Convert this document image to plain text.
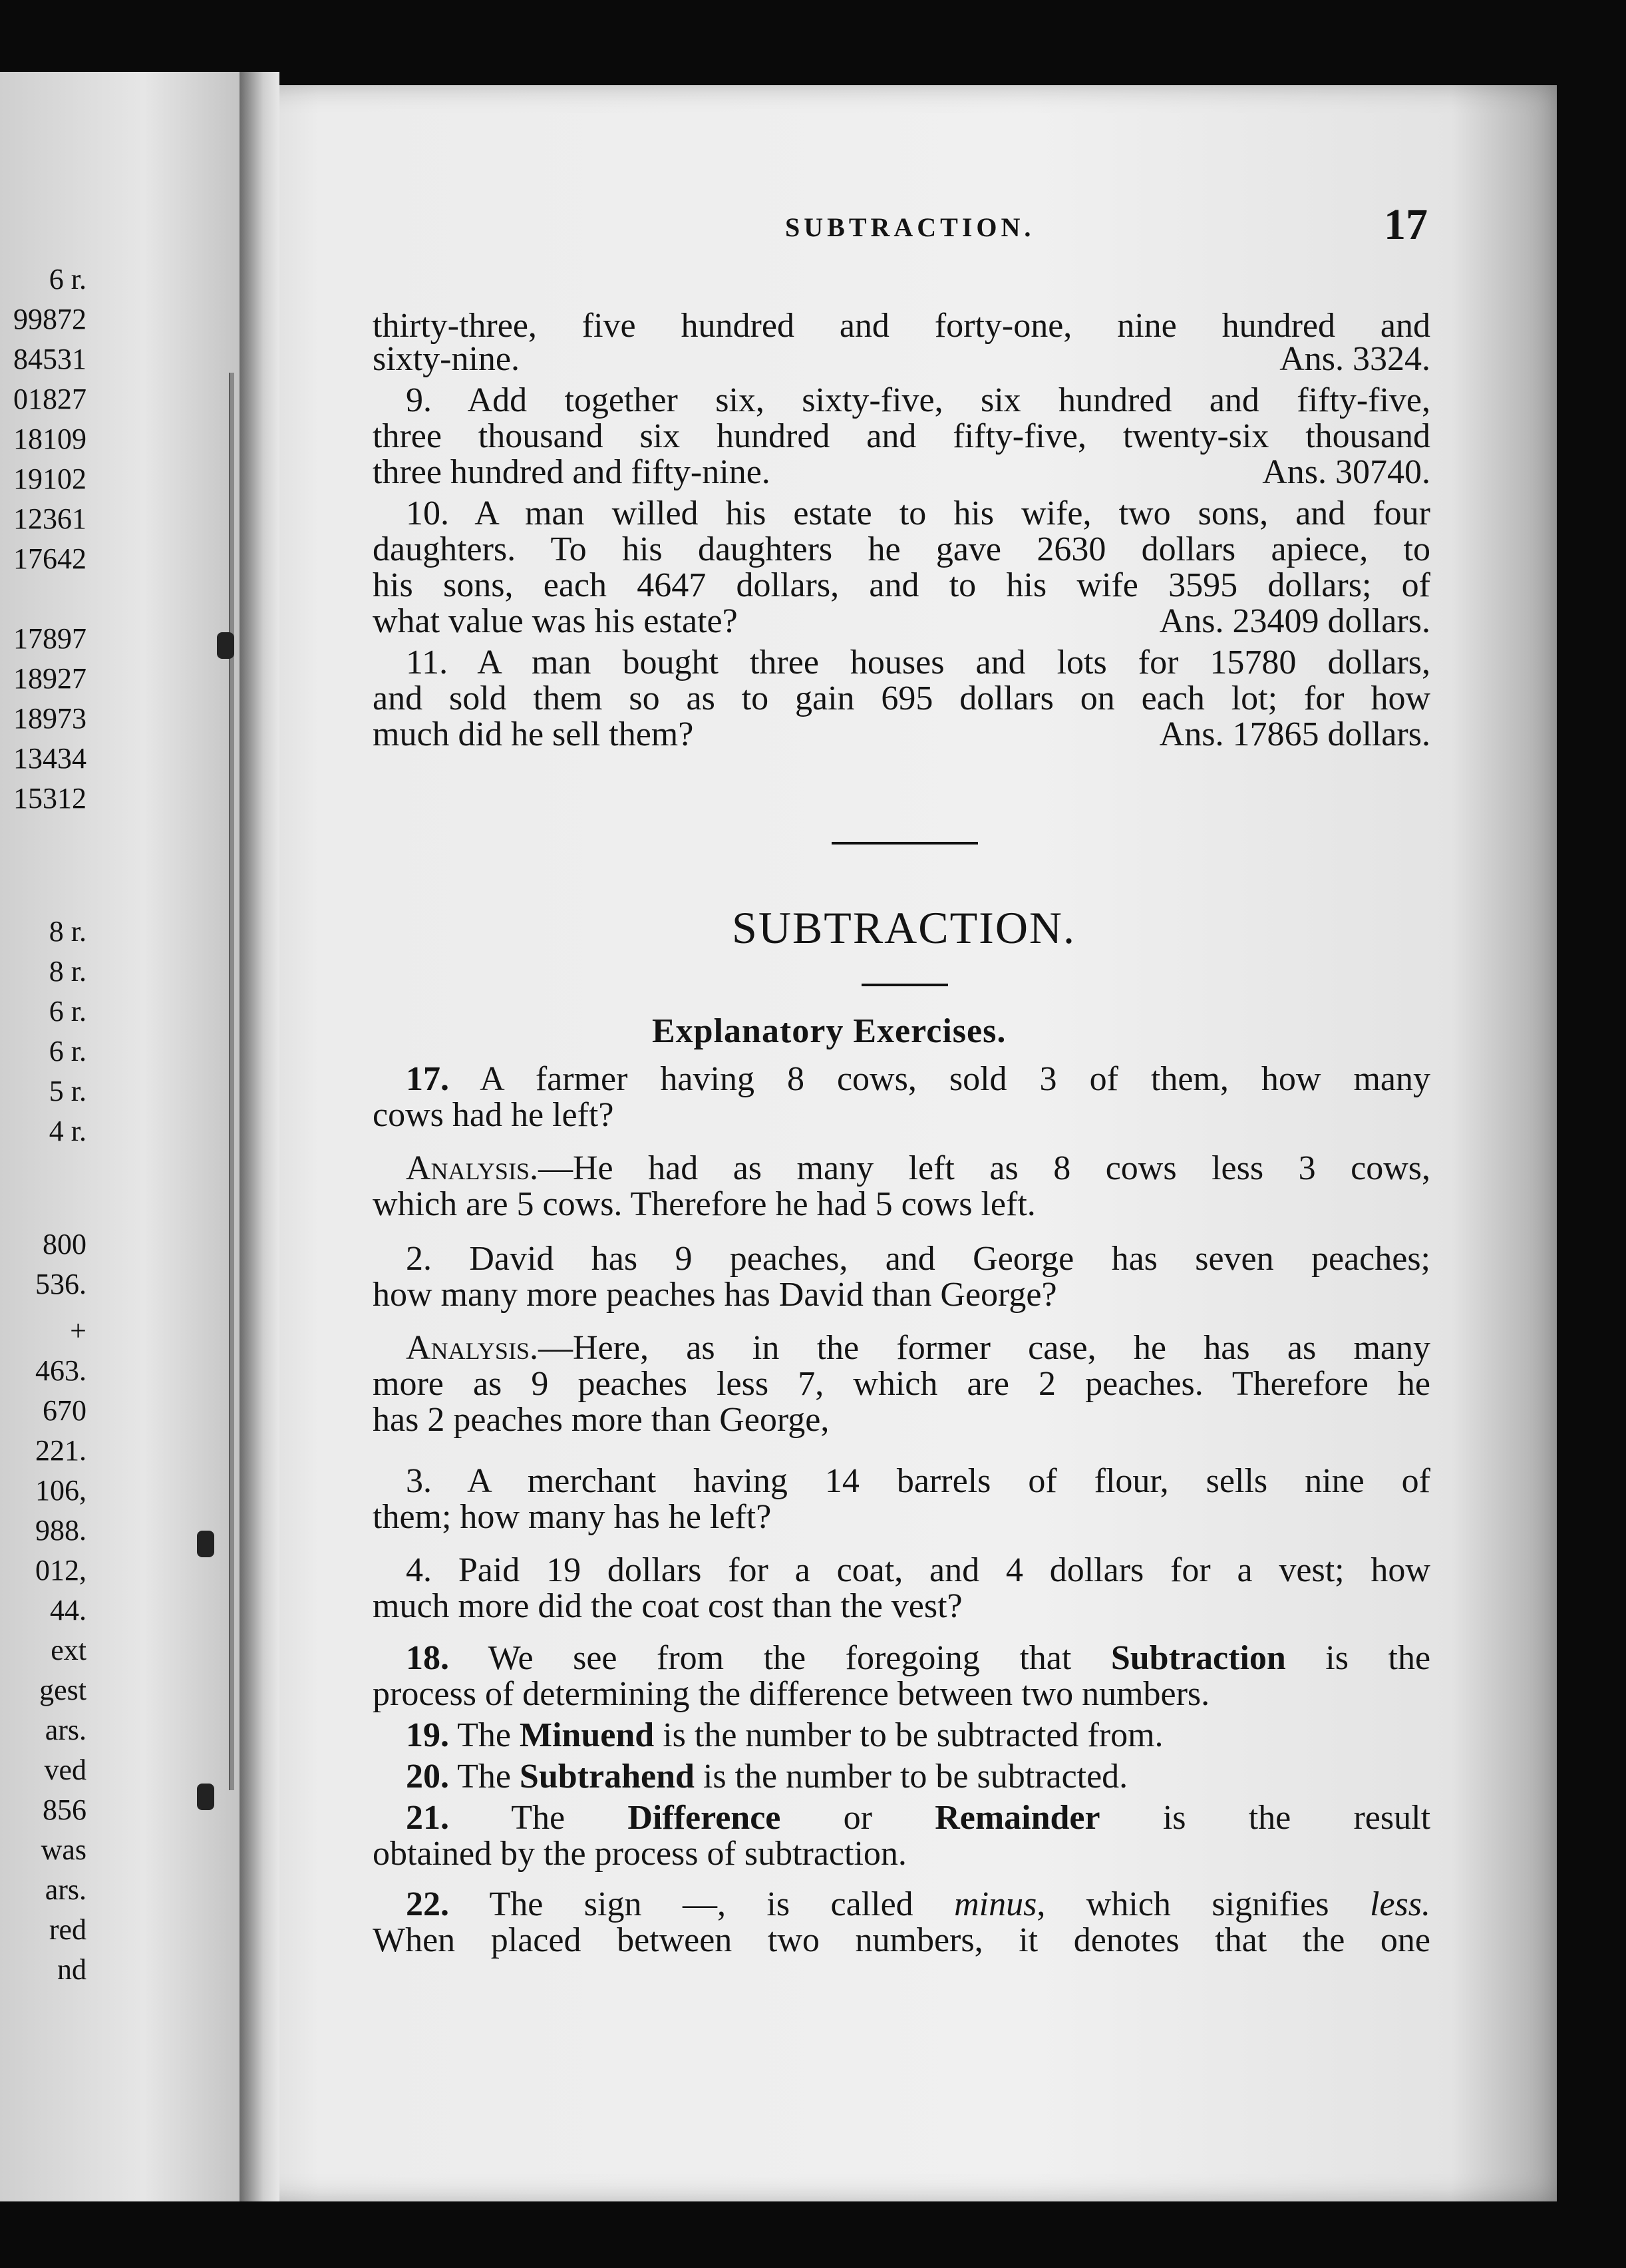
6 r.
99872
84531
01827
18109
19102
12361
17642
17897
18927
18973
13434
15312
8 r.
8 r.
6 r.
6 r.
5 r.
4 r.
800
536.
+
463.
670
221.
106,
988.
012,
44.
ext
gest
ars.
ved
856
was
ars.
red
nd
SUBTRACTION.	17
thirty-three, five hundred and forty-one, nine hundred and
sixty-nine.	Ans. 3324.
9. Add together six, sixty-five, six hundred and fifty-five,
three thousand six hundred and fifty-five, twenty-six thousand
three hundred and fifty-nine.	Ans. 30740.
10. A man willed his estate to his wife, two sons, and four
daughters. To his daughters he gave 2630 dollars apiece, to
his sons, each 4647 dollars, and to his wife 3595 dollars; of
what value was his estate?	Ans. 23409 dollars.
11. A man bought three houses and lots for 15780 dollars,
and sold them so as to gain 695 dollars on each lot; for how
much did he sell them?	Ans. 17865 dollars.
SUBTRACTION.
Explanatory Exercises.
17. A farmer having 8 cows, sold 3 of them, how many
cows had he left?
Analysis.—He had as many left as 8 cows less 3 cows,
which are 5 cows. Therefore he had 5 cows left.
2. David has 9 peaches, and George has seven peaches;
how many more peaches has David than George?
Analysis.—Here, as in the former case, he has as many
more as 9 peaches less 7, which are 2 peaches. Therefore he
has 2 peaches more than George,
3. A merchant having 14 barrels of flour, sells nine of
them; how many has he left?
4. Paid 19 dollars for a coat, and 4 dollars for a vest; how
much more did the coat cost than the vest?
18. We see from the foregoing that Subtraction is the
process of determining the difference between two numbers.
19. The Minuend is the number to be subtracted from.
20. The Subtrahend is the number to be subtracted.
21. The Difference or Remainder is the result
obtained by the process of subtraction.
22. The sign —, is called minus, which signifies less.
When placed between two numbers, it denotes that the one
